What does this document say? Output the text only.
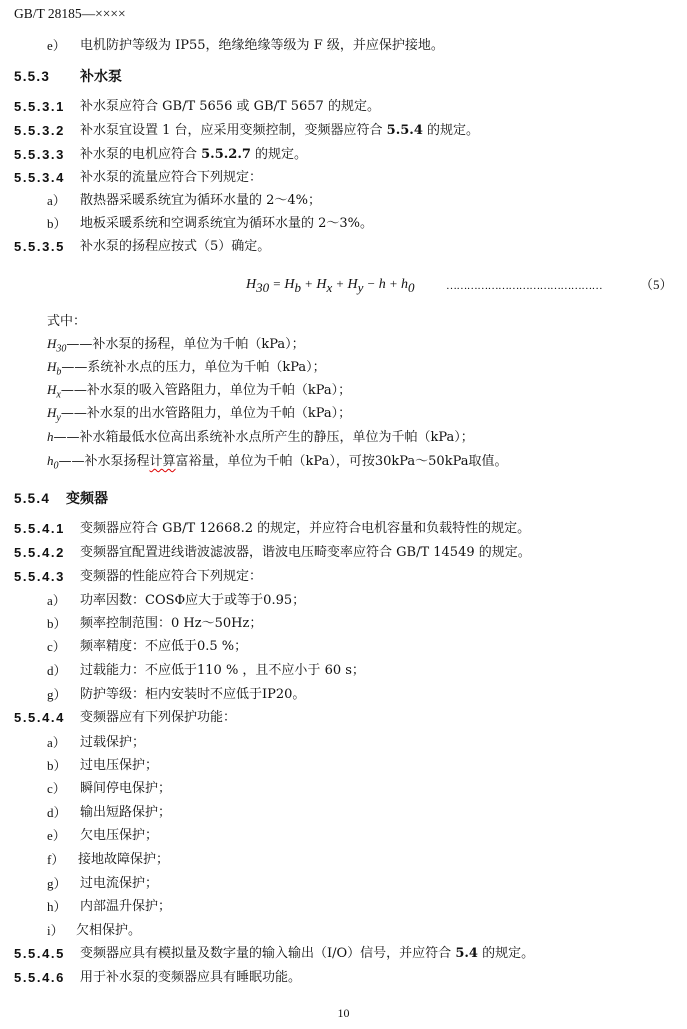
GB/T 28185—××××
e） 电机防护等级为 IP55，绝缘绝缘等级为 F 级，并应保护接地。
5.5.3 补水泵
5.5.3.1 补水泵应符合 GB/T 5656 或 GB/T 5657 的规定。
5.5.3.2 补水泵宜设置 1 台，应采用变频控制，变频器应符合 5.5.4 的规定。
5.5.3.3 补水泵的电机应符合 5.5.2.7 的规定。
5.5.3.4 补水泵的流量应符合下列规定：
a） 散热器采暖系统宜为循环水量的 2～4%；
b） 地板采暖系统和空调系统宜为循环水量的 2～3%。
5.5.3.5 补水泵的扬程应按式（5）确定。
$H_{30} = H_b + H_x + H_y - h + h_0$	………………………………………	（5）
式中：
$H_{30}——$补水泵的扬程，单位为千帕（kPa）；
$H_b——$系统补水点的压力，单位为千帕（kPa）；
$H_x——$补水泵的吸入管路阻力，单位为千帕（kPa）；
$H_y——$补水泵的出水管路阻力，单位为千帕（kPa）；
h——补水箱最低水位高出系统补水点所产生的静压，单位为千帕（kPa）；
$h_0——$补水泵扬程计算富裕量，单位为千帕（kPa），可按30kPa～50kPa取值。
5.5.4 变频器
5.5.4.1 变频器应符合 GB/T 12668.2 的规定，并应符合电机容量和负载特性的规定。
5.5.4.2 变频器宜配置进线谐波滤波器，谐波电压畸变率应符合 GB/T 14549 的规定。
5.5.4.3 变频器的性能应符合下列规定：
a） 功率因数：COSΦ应大于或等于0.95；
b） 频率控制范围：0 Hz～50Hz；
c） 频率精度：不应低于0.5 %；
d） 过载能力：不应低于110 % ，且不应小于 60 s；
g） 防护等级：柜内安装时不应低于IP20。
5.5.4.4 变频器应有下列保护功能：
a） 过载保护；
b） 过电压保护；
c） 瞬间停电保护；
d） 输出短路保护；
e） 欠电压保护；
f） 接地故障保护；
g） 过电流保护；
h） 内部温升保护；
i） 欠相保护。
5.5.4.5 变频器应具有模拟量及数字量的输入输出（I/O）信号，并应符合 5.4 的规定。
5.5.4.6 用于补水泵的变频器应具有睡眠功能。
10
